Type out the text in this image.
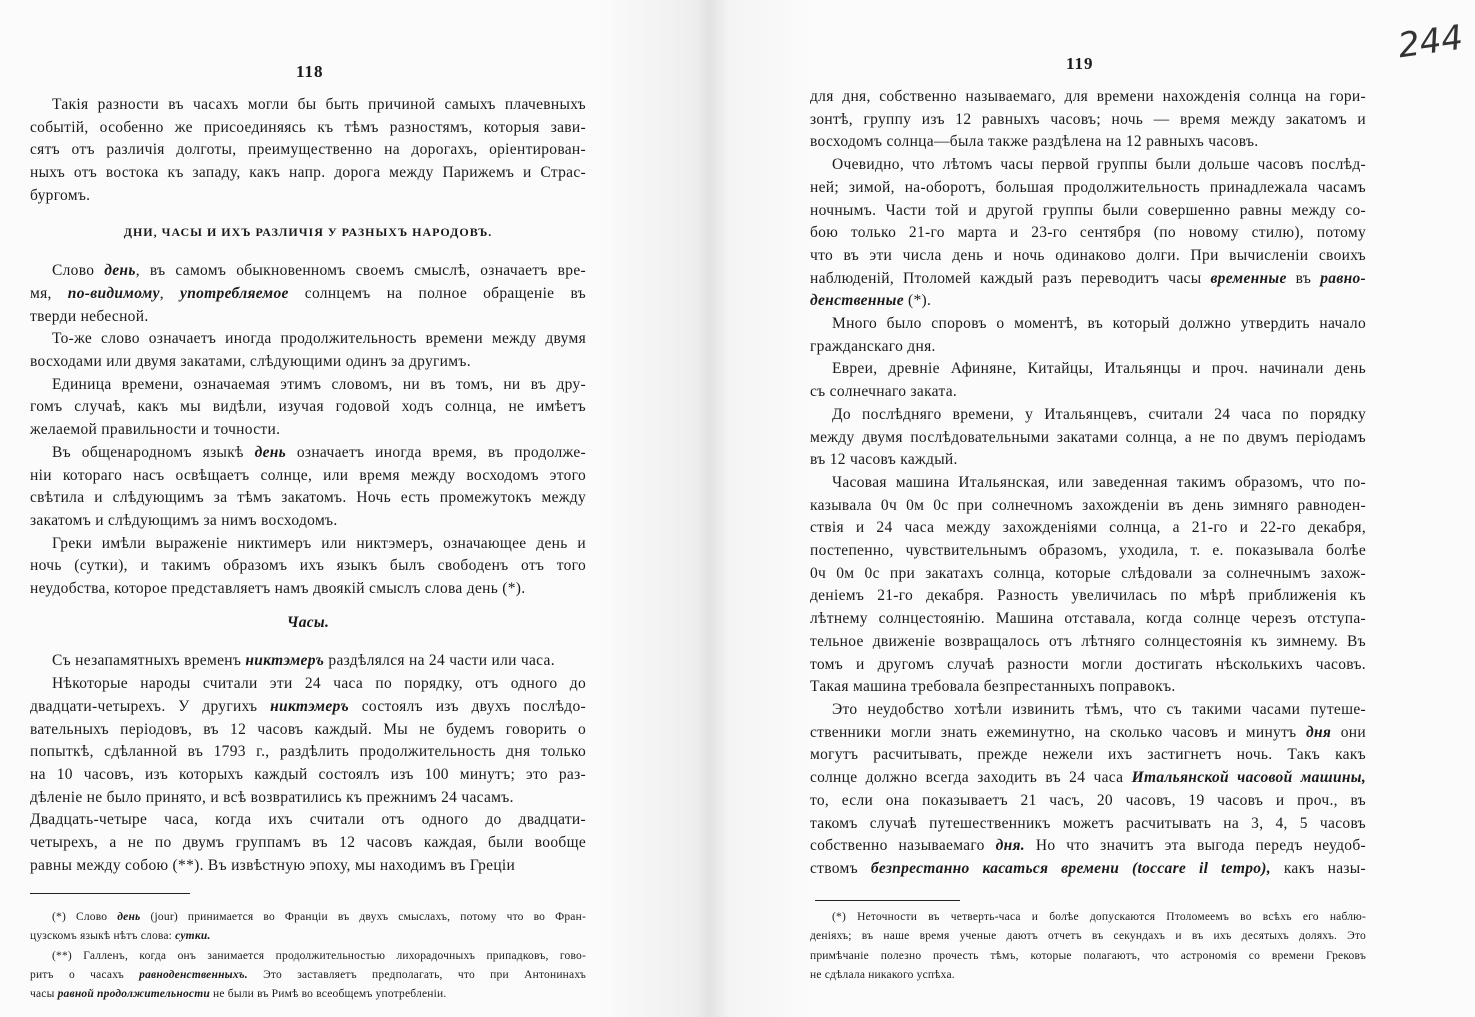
118
Такія разности въ часахъ могли бы быть причиной самыхъ плачевныхъ
событій, особенно же присоединяясь къ тѣмъ разностямъ, которыя зави-
сятъ отъ различія долготы, преимущественно на дорогахъ, оріентирован-
ныхъ отъ востока къ западу, какъ напр. дорога между Парижемъ и Страс-
бургомъ.
ДНИ, ЧАСЫ И ИХЪ РАЗЛИЧІЯ У РАЗНЫХЪ НАРОДОВЪ.
Слово день, въ самомъ обыкновенномъ своемъ смыслѣ, означаетъ вре-
мя, по-видимому, употребляемое солнцемъ на полное обращеніе въ
тверди небесной.
То-же слово означаетъ иногда продолжительность времени между двумя
восходами или двумя закатами, слѣдующими одинъ за другимъ.
Единица времени, означаемая этимъ словомъ, ни въ томъ, ни въ дру-
гомъ случаѣ, какъ мы видѣли, изучая годовой ходъ солнца, не имѣетъ
желаемой правильности и точности.
Въ общенародномъ языкѣ день означаетъ иногда время, въ продолже-
ніи котораго насъ освѣщаетъ солнце, или время между восходомъ этого
свѣтила и слѣдующимъ за тѣмъ закатомъ. Ночь есть промежутокъ между
закатомъ и слѣдующимъ за нимъ восходомъ.
Греки имѣли выраженіе никтимеръ или никтэмеръ, означающее день и
ночь (сутки), и такимъ образомъ ихъ языкъ былъ свободенъ отъ того
неудобства, которое представляетъ намъ двоякій смыслъ слова день (*).
Часы.
Съ незапамятныхъ временъ никтэмеръ раздѣлялся на 24 части или часа.
Нѣкоторые народы считали эти 24 часа по порядку, отъ одного до
двадцати-четырехъ. У другихъ никтэмеръ состоялъ изъ двухъ послѣдо-
вательныхъ періодовъ, въ 12 часовъ каждый. Мы не будемъ говорить о
попыткѣ, сдѣланной въ 1793 г., раздѣлить продолжительность дня только
на 10 часовъ, изъ которыхъ каждый состоялъ изъ 100 минутъ; это раз-
дѣленіе не было принято, и всѣ возвратились къ прежнимъ 24 часамъ.
Двадцать-четыре часа, когда ихъ считали отъ одного до двадцати-
четырехъ, а не по двумъ группамъ въ 12 часовъ каждая, были вообще
равны между собою (**). Въ извѣстную эпоху, мы находимъ въ Греціи
(*) Слово день (jour) принимается во Франціи въ двухъ смыслахъ, потому что во Фран-
цузскомъ языкѣ нѣтъ слова: сутки.
(**) Галленъ, когда онъ занимается продолжительностью лихорадочныхъ припадковъ, гово-
ритъ о часахъ равноденственныхъ. Это заставляетъ предполагать, что при Антонинахъ
часы равной продолжительности не были въ Римѣ во всеобщемъ употребленіи.
119	244
для дня, собственно называемаго, для времени нахожденія солнца на гори-
зонтѣ, группу изъ 12 равныхъ часовъ; ночь — время между закатомъ и
восходомъ солнца—была также раздѣлена на 12 равныхъ часовъ.
Очевидно, что лѣтомъ часы первой группы были дольше часовъ послѣд-
ней; зимой, на-оборотъ, большая продолжительность принадлежала часамъ
ночнымъ. Части той и другой группы были совершенно равны между со-
бою только 21-го марта и 23-го сентября (по новому стилю), потому
что въ эти числа день и ночь одинаково долги. При вычисленіи своихъ
наблюденій, Птоломей каждый разъ переводитъ часы временные въ равно-
денственные (*).
Много было споровъ о моментѣ, въ который должно утвердить начало
гражданскаго дня.
Евреи, древніе Афиняне, Китайцы, Итальянцы и проч. начинали день
съ солнечнаго заката.
До послѣдняго времени, у Итальянцевъ, считали 24 часа по порядку
между двумя послѣдовательными закатами солнца, а не по двумъ періодамъ
въ 12 часовъ каждый.
Часовая машина Итальянская, или заведенная такимъ образомъ, что по-
казывала 0ч 0м 0с при солнечномъ захожденіи въ день зимняго равноден-
ствія и 24 часа между захожденіями солнца, а 21-го и 22-го декабря,
постепенно, чувствительнымъ образомъ, уходила, т. е. показывала болѣе
0ч 0м 0с при закатахъ солнца, которые слѣдовали за солнечнымъ захож-
деніемъ 21-го декабря. Разность увеличилась по мѣрѣ приближенія къ
лѣтнему солнцестоянію. Машина отставала, когда солнце черезъ отступа-
тельное движеніе возвращалось отъ лѣтняго солнцестоянія къ зимнему. Въ
томъ и другомъ случаѣ разности могли достигать нѣсколькихъ часовъ.
Такая машина требовала безпрестанныхъ поправокъ.
Это неудобство хотѣли извинить тѣмъ, что съ такими часами путеше-
ственники могли знать ежеминутно, на сколько часовъ и минутъ дня они
могутъ расчитывать, прежде нежели ихъ застигнетъ ночь. Такъ какъ
солнце должно всегда заходить въ 24 часа Итальянской часовой машины,
то, если она показываетъ 21 часъ, 20 часовъ, 19 часовъ и проч., въ
такомъ случаѣ путешественникъ можетъ расчитывать на 3, 4, 5 часовъ
собственно называемаго дня. Но что значитъ эта выгода передъ неудоб-
ствомъ безпрестанно касаться времени (toccare il tempo), какъ назы-
(*) Неточности въ четверть-часа и болѣе допускаются Птоломеемъ во всѣхъ его наблю-
деніяхъ; въ наше время ученые даютъ отчетъ въ секундахъ и въ ихъ десятыхъ доляхъ. Это
примѣчаніе полезно прочесть тѣмъ, которые полагаютъ, что астрономія со времени Грековъ
не сдѣлала никакого успѣха.
